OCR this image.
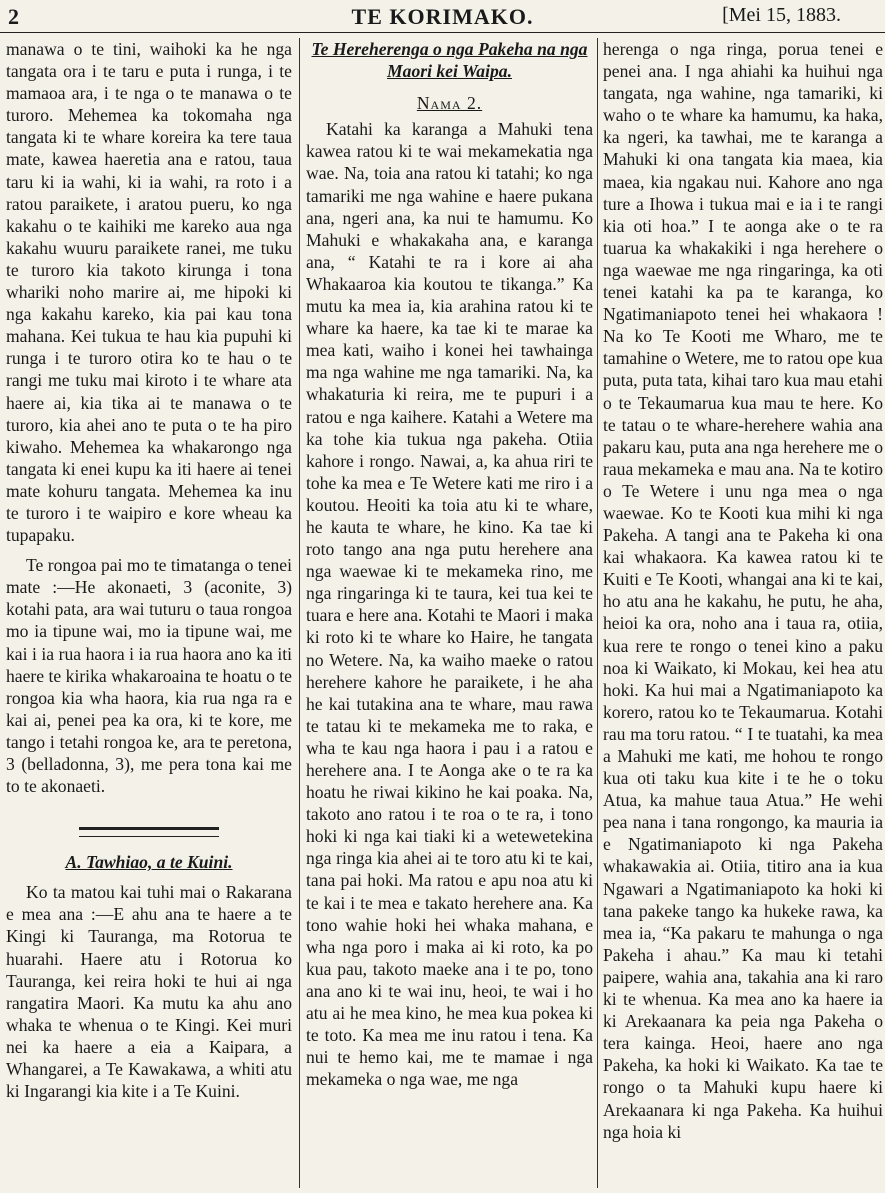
2	TE KORIMAKO.	[Mei 15, 1883.

manawa o te tini, waihoki ka he nga tangata ora i te taru e puta i runga, i te mamaoa ara, i te nga o te manawa o te turoro. Mehemea ka tokomaha nga tangata ki te whare koreira ka tere taua mate, kawea haeretia ana e ratou, taua taru ki ia wahi, ki ia wahi, ra roto i a ratou paraikete, i aratou pueru, ko nga kakahu o te kaihiki me kareko aua nga kakahu wuuru paraikete ranei, me tuku te turoro kia takoto kirunga i tona whariki noho marire ai, me hipoki ki nga kakahu kareko, kia pai kau tona mahana. Kei tukua te hau kia pupuhi ki runga i te turoro otira ko te hau o te rangi me tuku mai kiroto i te whare ata haere ai, kia tika ai te manawa o te turoro, kia ahei ano te puta o te ha piro kiwaho. Mehemea ka whakarongo nga tangata ki enei kupu ka iti haere ai tenei mate kohuru tangata. Mehemea ka inu te turoro i te waipiro e kore wheau ka tupapaku.

Te rongoa pai mo te timatanga o tenei mate :—He akonaeti, 3 (aconite, 3) kotahi pata, ara wai tuturu o taua rongoa mo ia tipune wai, mo ia tipune wai, me kai i ia rua haora i ia rua haora ano ka iti haere te kirika whakaroaina te hoatu o te rongoa kia wha haora, kia rua nga ra e kai ai, penei pea ka ora, ki te kore, me tango i tetahi rongoa ke, ara te peretona, 3 (belladonna, 3), me pera tona kai me to te akonaeti.

A. Tawhiao, a te Kuini.

Ko ta matou kai tuhi mai o Rakarana e mea ana :—E ahu ana te haere a te Kingi ki Tauranga, ma Rotorua te huarahi. Haere atu i Rotorua ko Tauranga, kei reira hoki te hui ai nga rangatira Maori. Ka mutu ka ahu ano whaka te whenua o te Kingi. Kei muri nei ka haere a eia a Kaipara, a Whangarei, a Te Kawakawa, a whiti atu ki Ingarangi kia kite i a Te Kuini.

Te Hereherenga o nga Pakeha na nga Maori kei Waipa.

Nama 2.

Katahi ka karanga a Mahuki tena kawea ratou ki te wai mekamekatia nga wae. Na, toia ana ratou ki tatahi; ko nga tamariki me nga wahine e haere pukana ana, ngeri ana, ka nui te hamumu. Ko Mahuki e whakakaha ana, e karanga ana, “ Katahi te ra i kore ai aha Whakaaroa kia koutou te tikanga.” Ka mutu ka mea ia, kia arahina ratou ki te whare ka haere, ka tae ki te marae ka mea kati, waiho i konei hei tawhainga ma nga wahine me nga tamariki. Na, ka whakaturia ki reira, me te pupuri i a ratou e nga kaihere. Katahi a Wetere ma ka tohe kia tukua nga pakeha. Otiia kahore i rongo. Nawai, a, ka ahua riri te tohe ka mea e Te Wetere kati me riro i a koutou. Heoiti ka toia atu ki te whare, he kauta te whare, he kino. Ka tae ki roto tango ana nga putu herehere ana nga waewae ki te mekameka rino, me nga ringaringa ki te taura, kei tua kei te tuara e here ana. Kotahi te Maori i maka ki roto ki te whare ko Haire, he tangata no Wetere. Na, ka waiho maeke o ratou herehere kahore he paraikete, i he aha he kai tutakina ana te whare, mau rawa te tatau ki te mekameka me to raka, e wha te kau nga haora i pau i a ratou e herehere ana. I te Aonga ake o te ra ka hoatu he riwai kikino he kai poaka. Na, takoto ano ratou i te roa o te ra, i tono hoki ki nga kai tiaki ki a wetewetekina nga ringa kia ahei ai te toro atu ki te kai, tana pai hoki. Ma ratou e apu noa atu ki te kai i te mea e takato herehere ana. Ka tono wahie hoki hei whaka mahana, e wha nga poro i maka ai ki roto, ka po kua pau, takoto maeke ana i te po, tono ana ano ki te wai inu, heoi, te wai i ho atu ai he mea kino, he mea kua pokea ki te toto. Ka mea me inu ratou i tena. Ka nui te hemo kai, me te mamae i nga mekameka o nga wae, me nga

herenga o nga ringa, porua tenei e penei ana. I nga ahiahi ka huihui nga tangata, nga wahine, nga tamariki, ki waho o te whare ka hamumu, ka haka, ka ngeri, ka tawhai, me te karanga a Mahuki ki ona tangata kia maea, kia maea, kia ngakau nui. Kahore ano nga ture a Ihowa i tukua mai e ia i te rangi kia oti hoa.” I te aonga ake o te ra tuarua ka whakakiki i nga herehere o nga waewae me nga ringaringa, ka oti tenei katahi ka pa te karanga, ko Ngatimaniapoto tenei hei whakaora ! Na ko Te Kooti me Wharo, me te tamahine o Wetere, me to ratou ope kua puta, puta tata, kihai taro kua mau etahi o te Tekaumarua kua mau te here. Ko te tatau o te whare-herehere wahia ana pakaru kau, puta ana nga herehere me o raua mekameka e mau ana. Na te kotiro o Te Wetere i unu nga mea o nga waewae. Ko te Kooti kua mihi ki nga Pakeha. A tangi ana te Pakeha ki ona kai whakaora. Ka kawea ratou ki te Kuiti e Te Kooti, whangai ana ki te kai, ho atu ana he kakahu, he putu, he aha, heioi ka ora, noho ana i taua ra, otiia, kua rere te rongo o tenei kino a paku noa ki Waikato, ki Mokau, kei hea atu hoki. Ka hui mai a Ngatimaniapoto ka korero, ratou ko te Tekaumarua. Kotahi rau ma toru ratou. “ I te tuatahi, ka mea a Mahuki me kati, me hohou te rongo kua oti taku kua kite i te he o toku Atua, ka mahue taua Atua.” He wehi pea nana i tana rongongo, ka mauria ia e Ngatimaniapoto ki nga Pakeha whakawakia ai. Otiia, titiro ana ia kua Ngawari a Ngatimaniapoto ka hoki ki tana pakeke tango ka hukeke rawa, ka mea ia, “Ka pakaru te mahunga o nga Pakeha i ahau.” Ka mau ki tetahi paipere, wahia ana, takahia ana ki raro ki te whenua. Ka mea ano ka haere ia ki Arekaanara ka peia nga Pakeha o tera kainga. Heoi, haere ano nga Pakeha, ka hoki ki Waikato. Ka tae te rongo o ta Mahuki kupu haere ki Arekaanara ki nga Pakeha. Ka huihui nga hoia ki
